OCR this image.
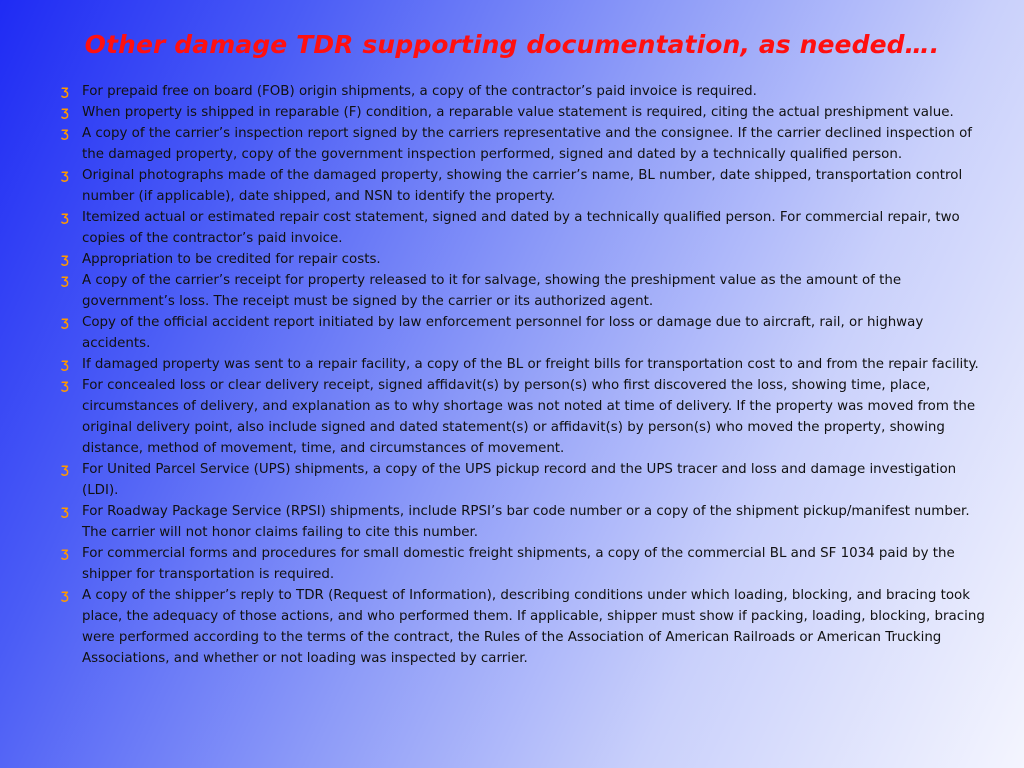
Other damage TDR supporting documentation, as needed….
For prepaid free on board (FOB) origin shipments, a copy of the contractor’s paid invoice is required.
When property is shipped in reparable (F) condition, a reparable value statement is required, citing the actual preshipment value.
A copy of the carrier’s inspection report signed by the carriers representative and the consignee. If the carrier declined inspection of the damaged property, copy of the government inspection performed, signed and dated by a technically qualified person.
Original photographs made of the damaged property, showing the carrier’s name, BL number, date shipped, transportation control number (if applicable), date shipped, and NSN to identify the property.
Itemized actual or estimated repair cost statement, signed and dated by a technically qualified person. For commercial repair, two copies of the contractor’s paid invoice.
Appropriation to be credited for repair costs.
A copy of the carrier’s receipt for property released to it for salvage, showing the preshipment value as the amount of the government’s loss. The receipt must be signed by the carrier or its authorized agent.
Copy of the official accident report initiated by law enforcement personnel for loss or damage due to aircraft, rail, or highway accidents.
If damaged property was sent to a repair facility, a copy of the BL or freight bills for transportation cost to and from the repair facility.
For concealed loss or clear delivery receipt, signed affidavit(s) by person(s) who first discovered the loss, showing time, place, circumstances of delivery, and explanation as to why shortage was not noted at time of delivery. If the property was moved from the original delivery point, also include signed and dated statement(s) or affidavit(s) by person(s) who moved the property, showing distance, method of movement, time, and circumstances of movement.
For United Parcel Service (UPS) shipments, a copy of the UPS pickup record and the UPS tracer and loss and damage investigation (LDI).
For Roadway Package Service (RPSI) shipments, include RPSI’s bar code number or a copy of the shipment pickup/manifest number. The carrier will not honor claims failing to cite this number.
For commercial forms and procedures for small domestic freight shipments, a copy of the commercial BL and SF 1034 paid by the shipper for transportation is required.
A copy of the shipper’s reply to TDR (Request of Information), describing conditions under which loading, blocking, and bracing took place, the adequacy of those actions, and who performed them. If applicable, shipper must show if packing, loading, blocking, bracing were performed according to the terms of the contract, the Rules of the Association of American Railroads or American Trucking Associations, and whether or not loading was inspected by carrier.
